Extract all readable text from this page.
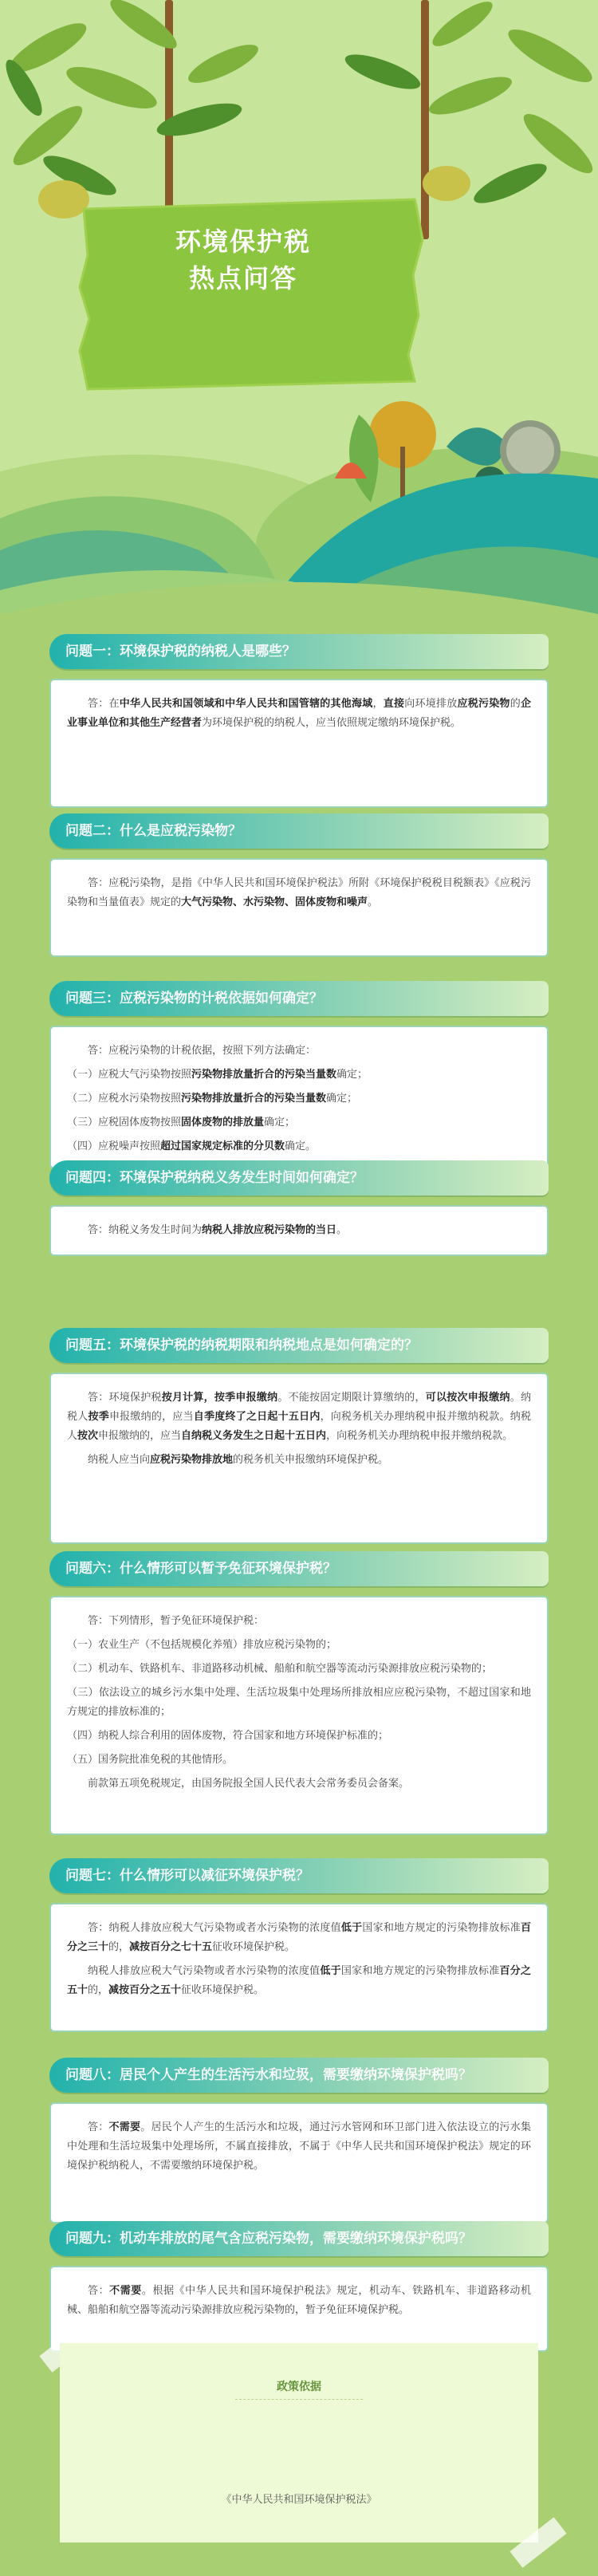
环境保护税
热点问答
问题一：环境保护税的纳税人是哪些？

答：在中华人民共和国领域和中华人民共和国管辖的其他海域，直接向环境排放应税污染物的企业事业单位和其他生产经营者为环境保护税的纳税人，应当依照规定缴纳环境保护税。

问题二：什么是应税污染物？

答：应税污染物，是指《中华人民共和国环境保护税法》所附《环境保护税税目税额表》《应税污染物和当量值表》规定的大气污染物、水污染物、固体废物和噪声。

问题三：应税污染物的计税依据如何确定？

答：应税污染物的计税依据，按照下列方法确定：

（一）应税大气污染物按照污染物排放量折合的污染当量数确定；

（二）应税水污染物按照污染物排放量折合的污染当量数确定；

（三）应税固体废物按照固体废物的排放量确定；

（四）应税噪声按照超过国家规定标准的分贝数确定。

问题四：环境保护税纳税义务发生时间如何确定？

答：纳税义务发生时间为纳税人排放应税污染物的当日。

问题五：环境保护税的纳税期限和纳税地点是如何确定的？

答：环境保护税按月计算，按季申报缴纳。不能按固定期限计算缴纳的，可以按次申报缴纳。纳税人按季申报缴纳的，应当自季度终了之日起十五日内，向税务机关办理纳税申报并缴纳税款。纳税人按次申报缴纳的，应当自纳税义务发生之日起十五日内，向税务机关办理纳税申报并缴纳税款。

纳税人应当向应税污染物排放地的税务机关申报缴纳环境保护税。

问题六：什么情形可以暂予免征环境保护税？

答：下列情形，暂予免征环境保护税：

（一）农业生产（不包括规模化养殖）排放应税污染物的；

（二）机动车、铁路机车、非道路移动机械、船舶和航空器等流动污染源排放应税污染物的；

（三）依法设立的城乡污水集中处理、生活垃圾集中处理场所排放相应应税污染物，不超过国家和地方规定的排放标准的；

（四）纳税人综合利用的固体废物，符合国家和地方环境保护标准的；

（五）国务院批准免税的其他情形。

前款第五项免税规定，由国务院报全国人民代表大会常务委员会备案。

问题七：什么情形可以减征环境保护税？

答：纳税人排放应税大气污染物或者水污染物的浓度值低于国家和地方规定的污染物排放标准百分之三十的，减按百分之七十五征收环境保护税。

纳税人排放应税大气污染物或者水污染物的浓度值低于国家和地方规定的污染物排放标准百分之五十的，减按百分之五十征收环境保护税。

问题八：居民个人产生的生活污水和垃圾，需要缴纳环境保护税吗？

答：不需要。居民个人产生的生活污水和垃圾，通过污水管网和环卫部门进入依法设立的污水集中处理和生活垃圾集中处理场所，不属直接排放，不属于《中华人民共和国环境保护税法》规定的环境保护税纳税人，不需要缴纳环境保护税。

问题九：机动车排放的尾气含应税污染物，需要缴纳环境保护税吗？

答：不需要。根据《中华人民共和国环境保护税法》规定，机动车、铁路机车、非道路移动机械、船舶和航空器等流动污染源排放应税污染物的，暂予免征环境保护税。

政策依据
《中华人民共和国环境保护税法》
